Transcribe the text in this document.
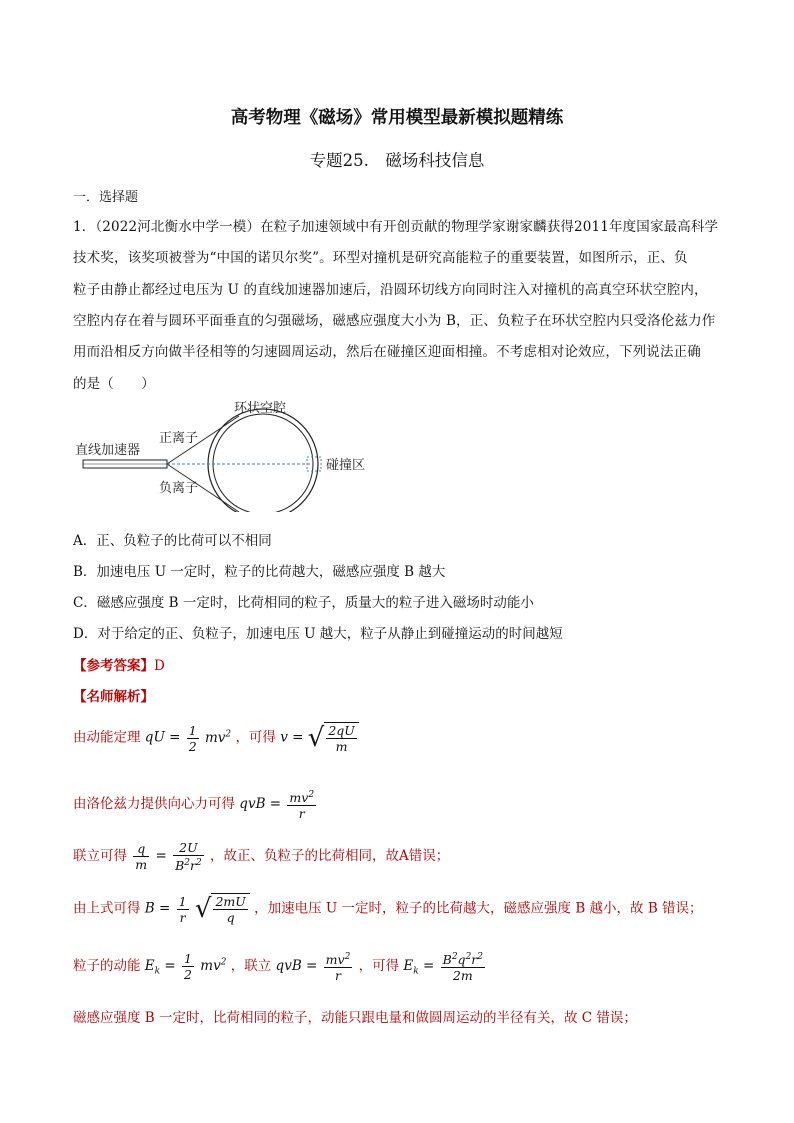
高考物理《磁场》常用模型最新模拟题精练
专题25.　磁场科技信息
一．选择题
1．（2022河北衡水中学一模）在粒子加速领域中有开创贡献的物理学家谢家麟获得2011年度国家最高科学
技术奖，该奖项被誉为“中国的诺贝尔奖”。环型对撞机是研究高能粒子的重要装置，如图所示，正、负
粒子由静止都经过电压为 U 的直线加速器加速后，沿圆环切线方向同时注入对撞机的高真空环状空腔内，
空腔内存在着与圆环平面垂直的匀强磁场，磁感应强度大小为 B，正、负粒子在环状空腔内只受洛伦兹力作
用而沿相反方向做半径相等的匀速圆周运动，然后在碰撞区迎面相撞。不考虑相对论效应，下列说法正确
的是（　　）
环状空腔
直线加速器
正离子
负离子
碰撞区
A．正、负粒子的比荷可以不相同
B．加速电压 U 一定时，粒子的比荷越大，磁感应强度 B 越大
C．磁感应强度 B 一定时，比荷相同的粒子，质量大的粒子进入磁场时动能小
D．对于给定的正、负粒子，加速电压 U 越大，粒子从静止到碰撞运动的时间越短
【参考答案】D
【名师解析】
由动能定理 qU = $\frac{1}{2} mv^2$ ，可得 v = √ $\frac{2qU}{m}$
由洛伦兹力提供向心力可得 qvB = $\frac{mv^2}{r}$
联立可得 $\frac{q}{m} = \frac{2U}{B^2r^2}$ ，故正、负粒子的比荷相同，故A错误；
由上式可得 $B = \frac{1}{r}$ √ $\frac{2mU}{q}$ ，加速电压 U 一定时，粒子的比荷越大，磁感应强度 B 越小，故 B 错误；
粒子的动能 $E_k = \frac{1}{2} mv^2$ ，联立 qvB = $\frac{mv^2}{r}$ ，可得 $E_k = \frac{B^2q^2r^2}{2m}$
磁感应强度 B 一定时，比荷相同的粒子，动能只跟电量和做圆周运动的半径有关，故 C 错误；
